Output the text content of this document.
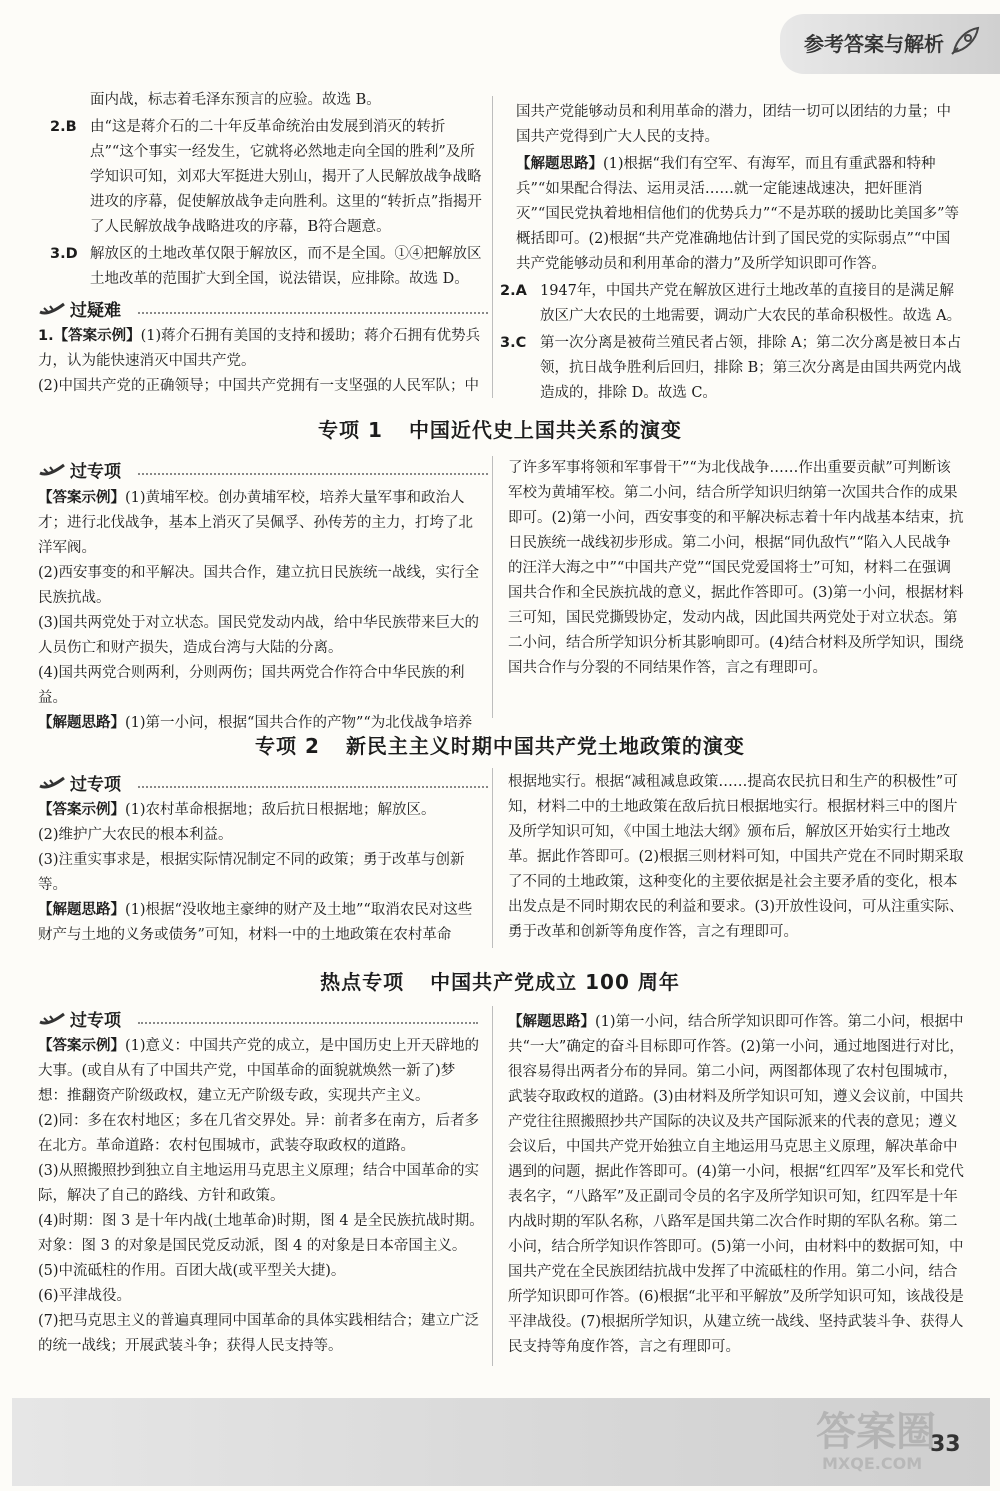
参考答案与解析

面内战，标志着毛泽东预言的应验。故选 B。

2.B 由“这是蒋介石的二十年反革命统治由发展到消灭的转折点”“这个事实一经发生，它就将必然地走向全国的胜利”及所学知识可知，刘邓大军挺进大别山，揭开了人民解放战争战略进攻的序幕，促使解放战争走向胜利。这里的“转折点”指揭开了人民解放战争战略进攻的序幕，B符合题意。

3.D 解放区的土地改革仅限于解放区，而不是全国。①④把解放区土地改革的范围扩大到全国，说法错误，应排除。故选 D。

过疑难

1.【答案示例】(1)蒋介石拥有美国的支持和援助；蒋介石拥有优势兵力，认为能快速消灭中国共产党。

(2)中国共产党的正确领导；中国共产党拥有一支坚强的人民军队；中

国共产党能够动员和利用革命的潜力，团结一切可以团结的力量；中国共产党得到广大人民的支持。

【解题思路】(1)根据“我们有空军、有海军，而且有重武器和特种兵”“如果配合得法、运用灵活……就一定能速战速决，把奸匪消灭”“国民党执着地相信他们的优势兵力”“不是苏联的援助比美国多”等概括即可。(2)根据“共产党准确地估计到了国民党的实际弱点”“中国共产党能够动员和利用革命的潜力”及所学知识即可作答。

2.A 1947年，中国共产党在解放区进行土地改革的直接目的是满足解放区广大农民的土地需要，调动广大农民的革命积极性。故选 A。

3.C 第一次分离是被荷兰殖民者占领，排除 A；第二次分离是被日本占领，抗日战争胜利后回归，排除 B；第三次分离是由国共两党内战造成的，排除 D。故选 C。

专项 1 中国近代史上国共关系的演变
过专项

【答案示例】(1)黄埔军校。创办黄埔军校，培养大量军事和政治人才；进行北伐战争，基本上消灭了吴佩孚、孙传芳的主力，打垮了北洋军阀。

(2)西安事变的和平解决。国共合作，建立抗日民族统一战线，实行全民族抗战。

(3)国共两党处于对立状态。国民党发动内战，给中华民族带来巨大的人员伤亡和财产损失，造成台湾与大陆的分离。

(4)国共两党合则两利，分则两伤；国共两党合作符合中华民族的利益。

【解题思路】(1)第一小问，根据“国共合作的产物”“为北伐战争培养

了许多军事将领和军事骨干”“为北伐战争……作出重要贡献”可判断该军校为黄埔军校。第二小问，结合所学知识归纳第一次国共合作的成果即可。(2)第一小问，西安事变的和平解决标志着十年内战基本结束，抗日民族统一战线初步形成。第二小问，根据“同仇敌忾”“陷入人民战争的汪洋大海之中”“中国共产党”“国民党爱国将士”可知，材料二在强调国共合作和全民族抗战的意义，据此作答即可。(3)第一小问，根据材料三可知，国民党撕毁协定，发动内战，因此国共两党处于对立状态。第二小问，结合所学知识分析其影响即可。(4)结合材料及所学知识，围绕国共合作与分裂的不同结果作答，言之有理即可。

专项 2 新民主主义时期中国共产党土地政策的演变
过专项

【答案示例】(1)农村革命根据地；敌后抗日根据地；解放区。

(2)维护广大农民的根本利益。

(3)注重实事求是，根据实际情况制定不同的政策；勇于改革与创新等。

【解题思路】(1)根据“没收地主豪绅的财产及土地”“取消农民对这些财产与土地的义务或债务”可知，材料一中的土地政策在农村革命

根据地实行。根据“减租减息政策……提高农民抗日和生产的积极性”可知，材料二中的土地政策在敌后抗日根据地实行。根据材料三中的图片及所学知识可知，《中国土地法大纲》颁布后，解放区开始实行土地改革。据此作答即可。(2)根据三则材料可知，中国共产党在不同时期采取了不同的土地政策，这种变化的主要依据是社会主要矛盾的变化，根本出发点是不同时期农民的利益和要求。(3)开放性设问，可从注重实际、勇于改革和创新等角度作答，言之有理即可。

热点专项 中国共产党成立 100 周年
过专项

【答案示例】(1)意义：中国共产党的成立，是中国历史上开天辟地的大事。(或自从有了中国共产党，中国革命的面貌就焕然一新了)梦想：推翻资产阶级政权，建立无产阶级专政，实现共产主义。

(2)同：多在农村地区；多在几省交界处。异：前者多在南方，后者多在北方。革命道路：农村包围城市，武装夺取政权的道路。

(3)从照搬照抄到独立自主地运用马克思主义原理；结合中国革命的实际，解决了自己的路线、方针和政策。

(4)时期：图 3 是十年内战(土地革命)时期，图 4 是全民族抗战时期。对象：图 3 的对象是国民党反动派，图 4 的对象是日本帝国主义。

(5)中流砥柱的作用。百团大战(或平型关大捷)。

(6)平津战役。

(7)把马克思主义的普遍真理同中国革命的具体实践相结合；建立广泛的统一战线；开展武装斗争；获得人民支持等。

【解题思路】(1)第一小问，结合所学知识即可作答。第二小问，根据中共“一大”确定的奋斗目标即可作答。(2)第一小问，通过地图进行对比，很容易得出两者分布的异同。第二小问，两图都体现了农村包围城市，武装夺取政权的道路。(3)由材料及所学知识可知，遵义会议前，中国共产党往往照搬照抄共产国际的决议及共产国际派来的代表的意见；遵义会议后，中国共产党开始独立自主地运用马克思主义原理，解决革命中遇到的问题，据此作答即可。(4)第一小问，根据“红四军”及军长和党代表名字，“八路军”及正副司令员的名字及所学知识可知，红四军是十年内战时期的军队名称，八路军是国共第二次合作时期的军队名称。第二小问，结合所学知识作答即可。(5)第一小问，由材料中的数据可知，中国共产党在全民族团结抗战中发挥了中流砥柱的作用。第二小问，结合所学知识即可作答。(6)根据“北平和平解放”及所学知识可知，该战役是平津战役。(7)根据所学知识，从建立统一战线、坚持武装斗争、获得人民支持等角度作答，言之有理即可。

33
答案圈
MXQE.COM
